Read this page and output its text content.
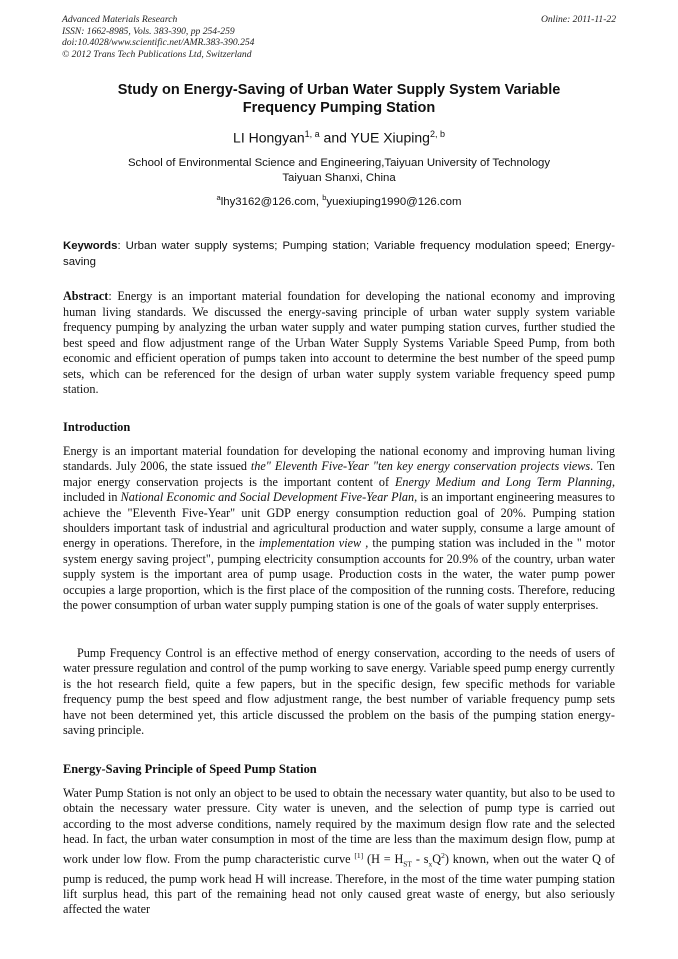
Advanced Materials Research
ISSN: 1662-8985, Vols. 383-390, pp 254-259
doi:10.4028/www.scientific.net/AMR.383-390.254
© 2012 Trans Tech Publications Ltd, Switzerland
Online: 2011-11-22
Study on Energy-Saving of Urban Water Supply System Variable
Frequency Pumping Station
LI Hongyan$^{1, a}$ and YUE Xiuping$^{2, b}$
School of Environmental Science and Engineering,Taiyuan University of Technology
Taiyuan Shanxi, China
$^a$lhy3162@126.com, $^b$yuexiuping1990@126.com
Keywords: Urban water supply systems; Pumping station; Variable frequency modulation speed; Energy-saving
Abstract: Energy is an important material foundation for developing the national economy and improving human living standards. We discussed the energy-saving principle of urban water supply system variable frequency pumping by analyzing the urban water supply and water pumping station curves, further studied the best speed and flow adjustment range of the Urban Water Supply Systems Variable Speed Pump, from both economic and efficient operation of pumps taken into account to determine the best number of the speed pump sets, which can be referenced for the design of urban water supply system variable frequency speed pump station.
Introduction
Energy is an important material foundation for developing the national economy and improving human living standards. July 2006, the state issued the" Eleventh Five-Year "ten key energy conservation projects views. Ten major energy conservation projects is the important content of Energy Medium and Long Term Planning, included in National Economic and Social Development Five-Year Plan, is an important engineering measures to achieve the "Eleventh Five-Year" unit GDP energy consumption reduction goal of 20%. Pumping station shoulders important task of industrial and agricultural production and water supply, consume a large amount of energy in operations. Therefore, in the implementation view , the pumping station was included in the " motor system energy saving project", pumping electricity consumption accounts for 20.9% of the country, urban water supply system is the important area of pump usage. Production costs in the water, the water pump power occupies a large proportion, which is the first place of the composition of the running costs. Therefore, reducing the power consumption of urban water supply pumping station is one of the goals of water supply enterprises.
Pump Frequency Control is an effective method of energy conservation, according to the needs of users of water pressure regulation and control of the pump working to save energy. Variable speed pump energy currently is the hot research field, quite a few papers, but in the specific design, few specific methods for variable frequency pump the best speed and flow adjustment range, the best number of variable frequency pump sets have not been determined yet, this article discussed the problem on the basis of the pumping station energy-saving principle.
Energy-Saving Principle of Speed Pump Station
Water Pump Station is not only an object to be used to obtain the necessary water quantity, but also to be used to obtain the necessary water pressure. City water is uneven, and the selection of pump type is carried out according to the most adverse conditions, namely required by the maximum design flow rate and the selected head. In fact, the urban water consumption in most of the time are less than the maximum design flow, pump at work under low flow. From the pump characteristic curve [1] $(H = H_{ST} - s_xQ^2)$ known, when out the water Q of pump is reduced, the pump work head H will increase. Therefore, in the most of the time water pumping station lift surplus head, this part of the remaining head not only caused great waste of energy, but also seriously affected the water
